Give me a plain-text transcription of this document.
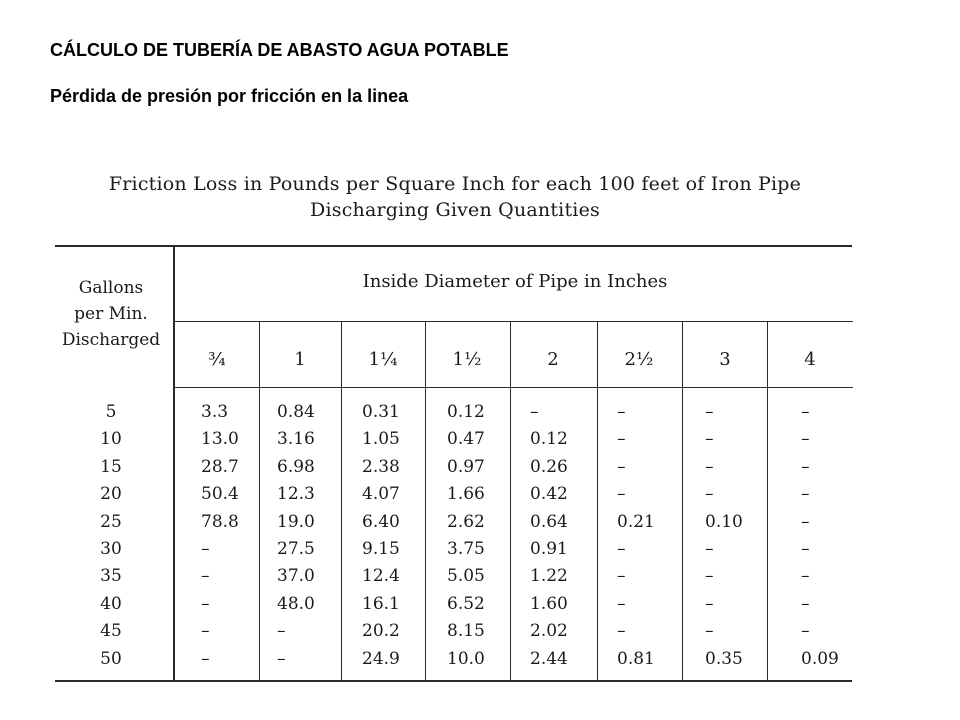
CÁLCULO DE TUBERÍA DE ABASTO AGUA POTABLE
Pérdida de presión por fricción en la linea
Friction Loss in Pounds per Square Inch for each 100 feet of Iron Pipe
Discharging Given Quantities
Gallons
per Min.
Discharged
Inside Diameter of Pipe in Inches
¾	1	1¼	1½	2	2½	3	4
5	3.3	0.84	0.31	0.12	–	–	–	–
10	13.0 3.16	1.05	0.47	0.12	–	–	–
15	28.7 6.98	2.38	0.97	0.26	–	–	–
20	50.4 12.3	4.07	1.66	0.42	–	–	–
25	78.8 19.0	6.40	2.62	0.64	0.21	0.10	–
30	–	27.5	9.15	3.75	0.91	–	–	–
35	–	37.0	12.4	5.05	1.22	–	–	–
40	–	48.0	16.1	6.52	1.60	–	–	–
45	–	–	20.2	8.15	2.02	–	–	–
50	–	–	24.9	10.0	2.44	0.81	0.35	0.09
